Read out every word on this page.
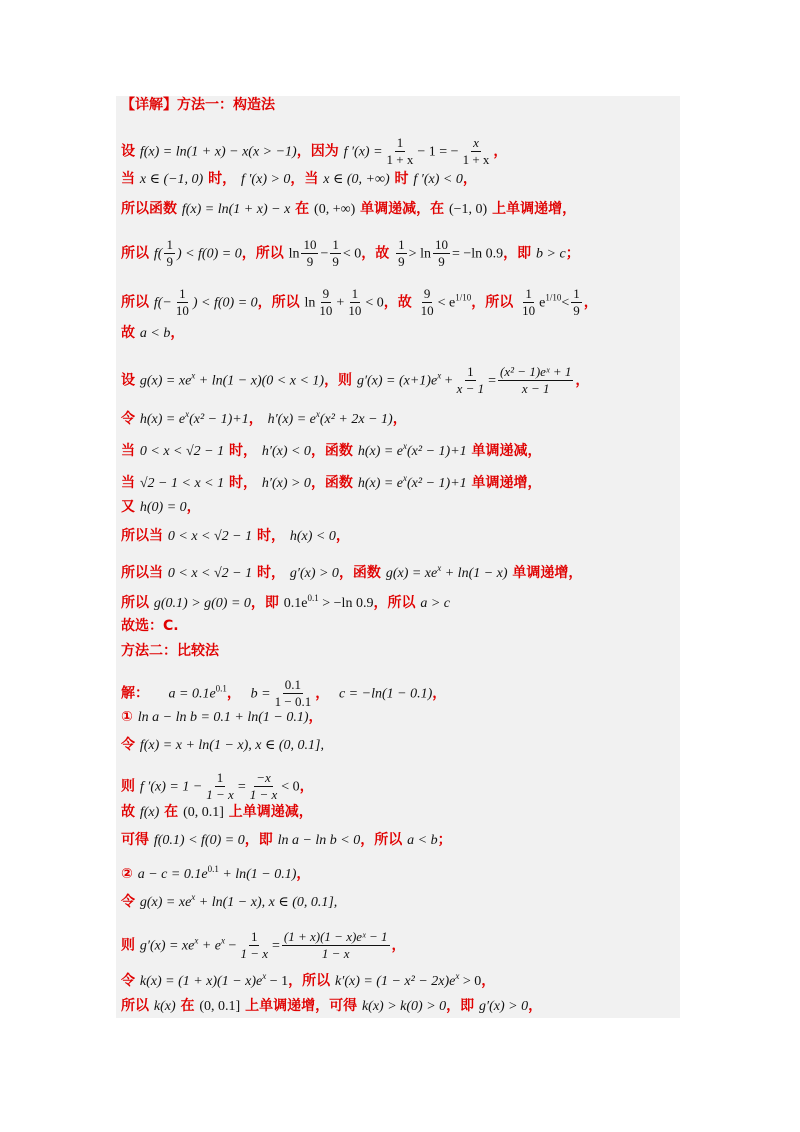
【详解】方法一：构造法
设 f(x) = ln(1 + x) − x(x > −1)，因为 f $'(x) = \frac{1}{1 + x} - 1$ = − $\frac{x}{1 + x}$ ，
当 x ∈ (−1, 0) 时， f ′(x) > 0，当 x ∈ (0, +∞) 时 f ′(x) < 0，
所以函数 f(x) = ln(1 + x) − x 在 (0, +∞) 单调递减，在 (−1, 0) 上单调递增，
所以 $f( \frac{1}{9}$ ) < f(0) = 0，所以 $\ln \frac{10}{9} - \frac{1}{9} < 0$，故 $\frac{1}{9} > \ln \frac{10}{9} = -\ln$ 0.9，即 b > c；
所以 $f(- \frac{1}{10}$ ) < f(0) = 0，所以 $\ln \frac{9}{10} + \frac{1}{10} < 0$，故 $\frac{9}{10} < e^{1/10}$，所以 $\frac{1}{10} e^{1/10}< \frac{1}{9}$ ，
故 a < b，
设 $g(x) = xe^x + \ln(1 - x)(0 < x < 1)$，则 $g'(x) = (x+1)e^x + \frac{1}{x - 1} = \frac{\text{(x² − 1)eˣ + 1}}{x - 1}$ ，
令 $h(x) = e^x(x^2 - 1)+1$， $h'(x) = e^x(x^2 + 2x - 1)$，
当 0 < x < √2 − 1 时， h′(x) < 0，函数 $h(x) = e^x(x^2 - 1)+1$ 单调递减，
当 √2 − 1 < x < 1 时， h′(x) > 0，函数 $h(x) = e^x(x^2 - 1)+1$ 单调递增，
又 h(0) = 0，
所以当 0 < x < √2 − 1 时， h(x) < 0，
所以当 0 < x < √2 − 1 时， g′(x) > 0，函数 $g(x) = xe^x + \ln(1 - x)$ 单调递增，
所以 g(0.1) > g(0) = 0，即 $0.1e^{0.1} > -\ln$ 0.9，所以 a > c
故选：C.
方法二：比较法
解： $a = 0.1e^{0.1}$， $b = \frac{0.1}{1 - 0.1}$ ， c = −ln(1 − 0.1)，
① ln a − ln b = 0.1 + ln(1 − 0.1)，
令 f(x) = x + ln(1 − x), x ∈ (0, 0.1],
则 f $'(x) = 1 - \frac{1}{1 - x} = \frac{-x}{1 - x} < 0$，
故 f(x) 在 (0, 0.1] 上单调递减，
可得 f(0.1) < f(0) = 0，即 ln a − ln b < 0，所以 a < b；
② $a - c = 0.1e^{0.1} + \ln(1 - 0.1)$，
令 $g(x) = xe^x + \ln(1 - x)$, x ∈ (0, 0.1],
则 $g'(x) = xe^x + e^x - \frac{1}{1 - x} = \frac{\text{(1 + x)(1 − x)eˣ − 1}}{1 - x}$ ，
令 $k(x) = (1 + x)(1 - x)e^x - 1$，所以 $k'(x) = (1 - x^2 - 2x)e^x > 0$，
所以 k(x) 在 (0, 0.1] 上单调递增，可得 k(x) > k(0) > 0，即 g′(x) > 0，
